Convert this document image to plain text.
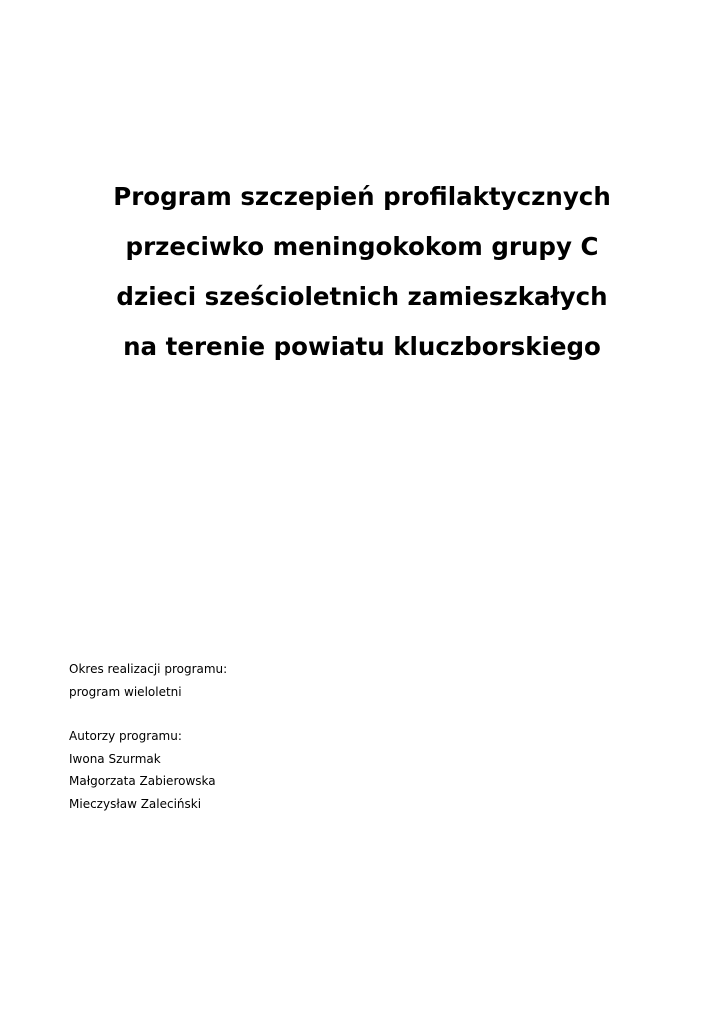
Program szczepień profilaktycznych
przeciwko meningokokom grupy C
dzieci sześcioletnich zamieszkałych
na terenie powiatu kluczborskiego
Okres realizacji programu:
program wieloletni
Autorzy programu:
Iwona Szurmak
Małgorzata Zabierowska
Mieczysław Zaleciński
